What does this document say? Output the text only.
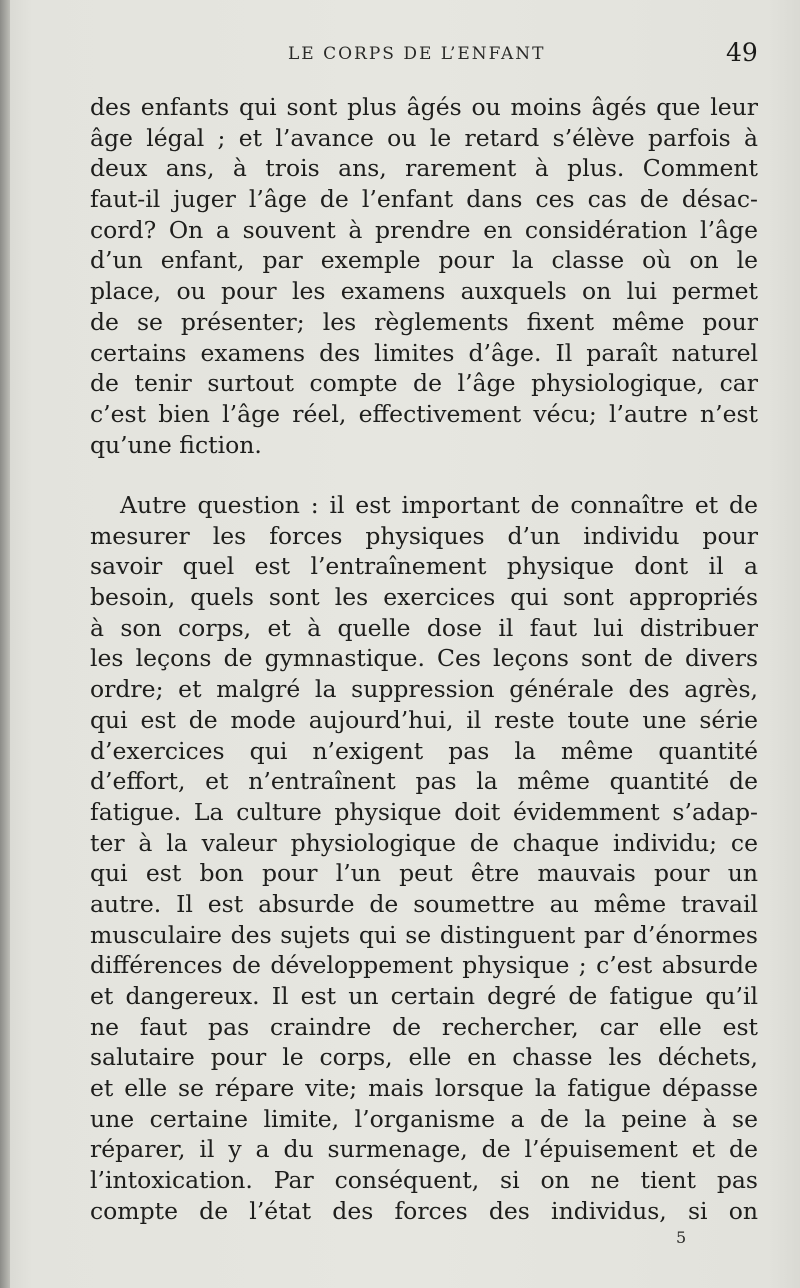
LE CORPS DE L’ENFANT	49
des enfants qui sont plus âgés ou moins âgés que leur
âge légal ; et l’avance ou le retard s’élève parfois à
deux ans, à trois ans, rarement à plus. Comment
faut-il juger l’âge de l’enfant dans ces cas de désac-
cord? On a souvent à prendre en considération l’âge
d’un enfant, par exemple pour la classe où on le
place, ou pour les examens auxquels on lui permet
de se présenter; les règlements fixent même pour
certains examens des limites d’âge. Il paraît naturel
de tenir surtout compte de l’âge physiologique, car
c’est bien l’âge réel, effectivement vécu; l’autre n’est
qu’une fiction.
Autre question : il est important de connaître et de
mesurer les forces physiques d’un individu pour
savoir quel est l’entraînement physique dont il a
besoin, quels sont les exercices qui sont appropriés
à son corps, et à quelle dose il faut lui distribuer
les leçons de gymnastique. Ces leçons sont de divers
ordre; et malgré la suppression générale des agrès,
qui est de mode aujourd’hui, il reste toute une série
d’exercices qui n’exigent pas la même quantité
d’effort, et n’entraînent pas la même quantité de
fatigue. La culture physique doit évidemment s’adap-
ter à la valeur physiologique de chaque individu; ce
qui est bon pour l’un peut être mauvais pour un
autre. Il est absurde de soumettre au même travail
musculaire des sujets qui se distinguent par d’énormes
différences de développement physique ; c’est absurde
et dangereux. Il est un certain degré de fatigue qu’il
ne faut pas craindre de rechercher, car elle est
salutaire pour le corps, elle en chasse les déchets,
et elle se répare vite; mais lorsque la fatigue dépasse
une certaine limite, l’organisme a de la peine à se
réparer, il y a du surmenage, de l’épuisement et de
l’intoxication. Par conséquent, si on ne tient pas
compte de l’état des forces des individus, si on
5
